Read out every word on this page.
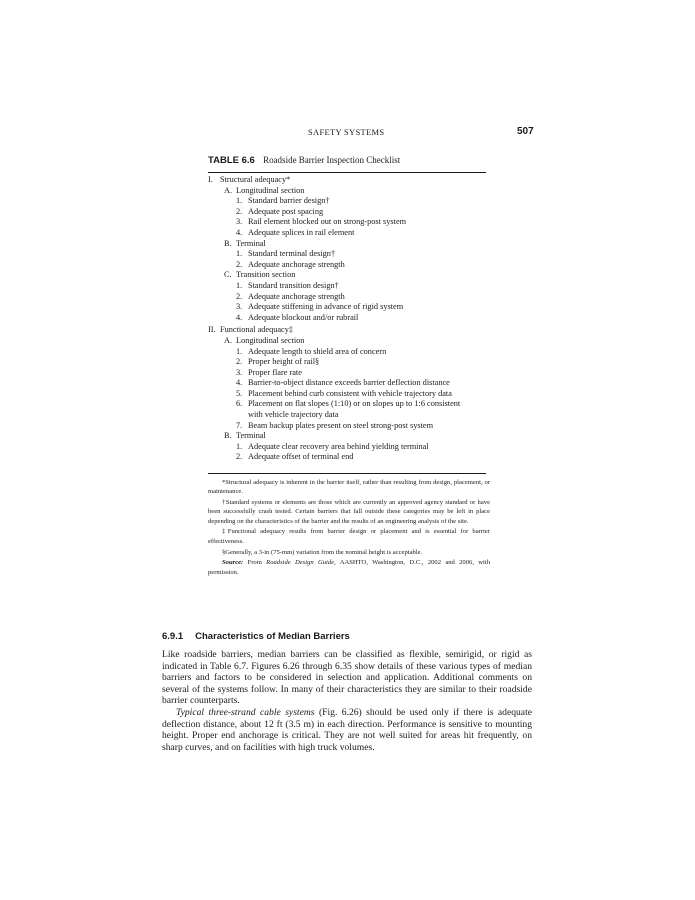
SAFETY SYSTEMS	507
TABLE 6.6 Roadside Barrier Inspection Checklist
I. Structural adequacy*
A. Longitudinal section
1. Standard barrier design†
2. Adequate post spacing
3. Rail element blocked out on strong-post system
4. Adequate splices in rail element
B. Terminal
1. Standard terminal design†
2. Adequate anchorage strength
C. Transition section
1. Standard transition design†
2. Adequate anchorage strength
3. Adequate stiffening in advance of rigid system
4. Adequate blockout and/or rubrail
II. Functional adequacy‡
A. Longitudinal section
1. Adequate length to shield area of concern
2. Proper height of rail§
3. Proper flare rate
4. Barrier-to-object distance exceeds barrier deflection distance
5. Placement behind curb consistent with vehicle trajectory data
6. Placement on flat slopes (1:10) or on slopes up to 1:6 consistent
with vehicle trajectory data
7. Beam backup plates present on steel strong-post system
B. Terminal
1. Adequate clear recovery area behind yielding terminal
2. Adequate offset of terminal end

*Structural adequacy is inherent in the barrier itself, rather than resulting from design, placement, or maintenance.

†Standard systems or elements are those which are currently an approved agency standard or have been successfully crash tested. Certain barriers that fall outside these categories may be left in place depending on the characteristics of the barrier and the results of an engineering analysis of the site.

‡Functional adequacy results from barrier design or placement and is essential for barrier effectiveness.

§Generally, a 3-in (75-mm) variation from the nominal height is acceptable.

Source: From Roadside Design Guide, AASHTO, Washington, D.C., 2002 and 2006, with permission.

6.9.1 Characteristics of Median Barriers

Like roadside barriers, median barriers can be classified as flexible, semirigid, or rigid as indicated in Table 6.7. Figures 6.26 through 6.35 show details of these various types of median barriers and factors to be considered in selection and application. Additional comments on several of the systems follow. In many of their characteristics they are similar to their roadside barrier counterparts.

Typical three-strand cable systems (Fig. 6.26) should be used only if there is adequate deflection distance, about 12 ft (3.5 m) in each direction. Performance is sensitive to mounting height. Proper end anchorage is critical. They are not well suited for areas hit frequently, on sharp curves, and on facilities with high truck volumes.
